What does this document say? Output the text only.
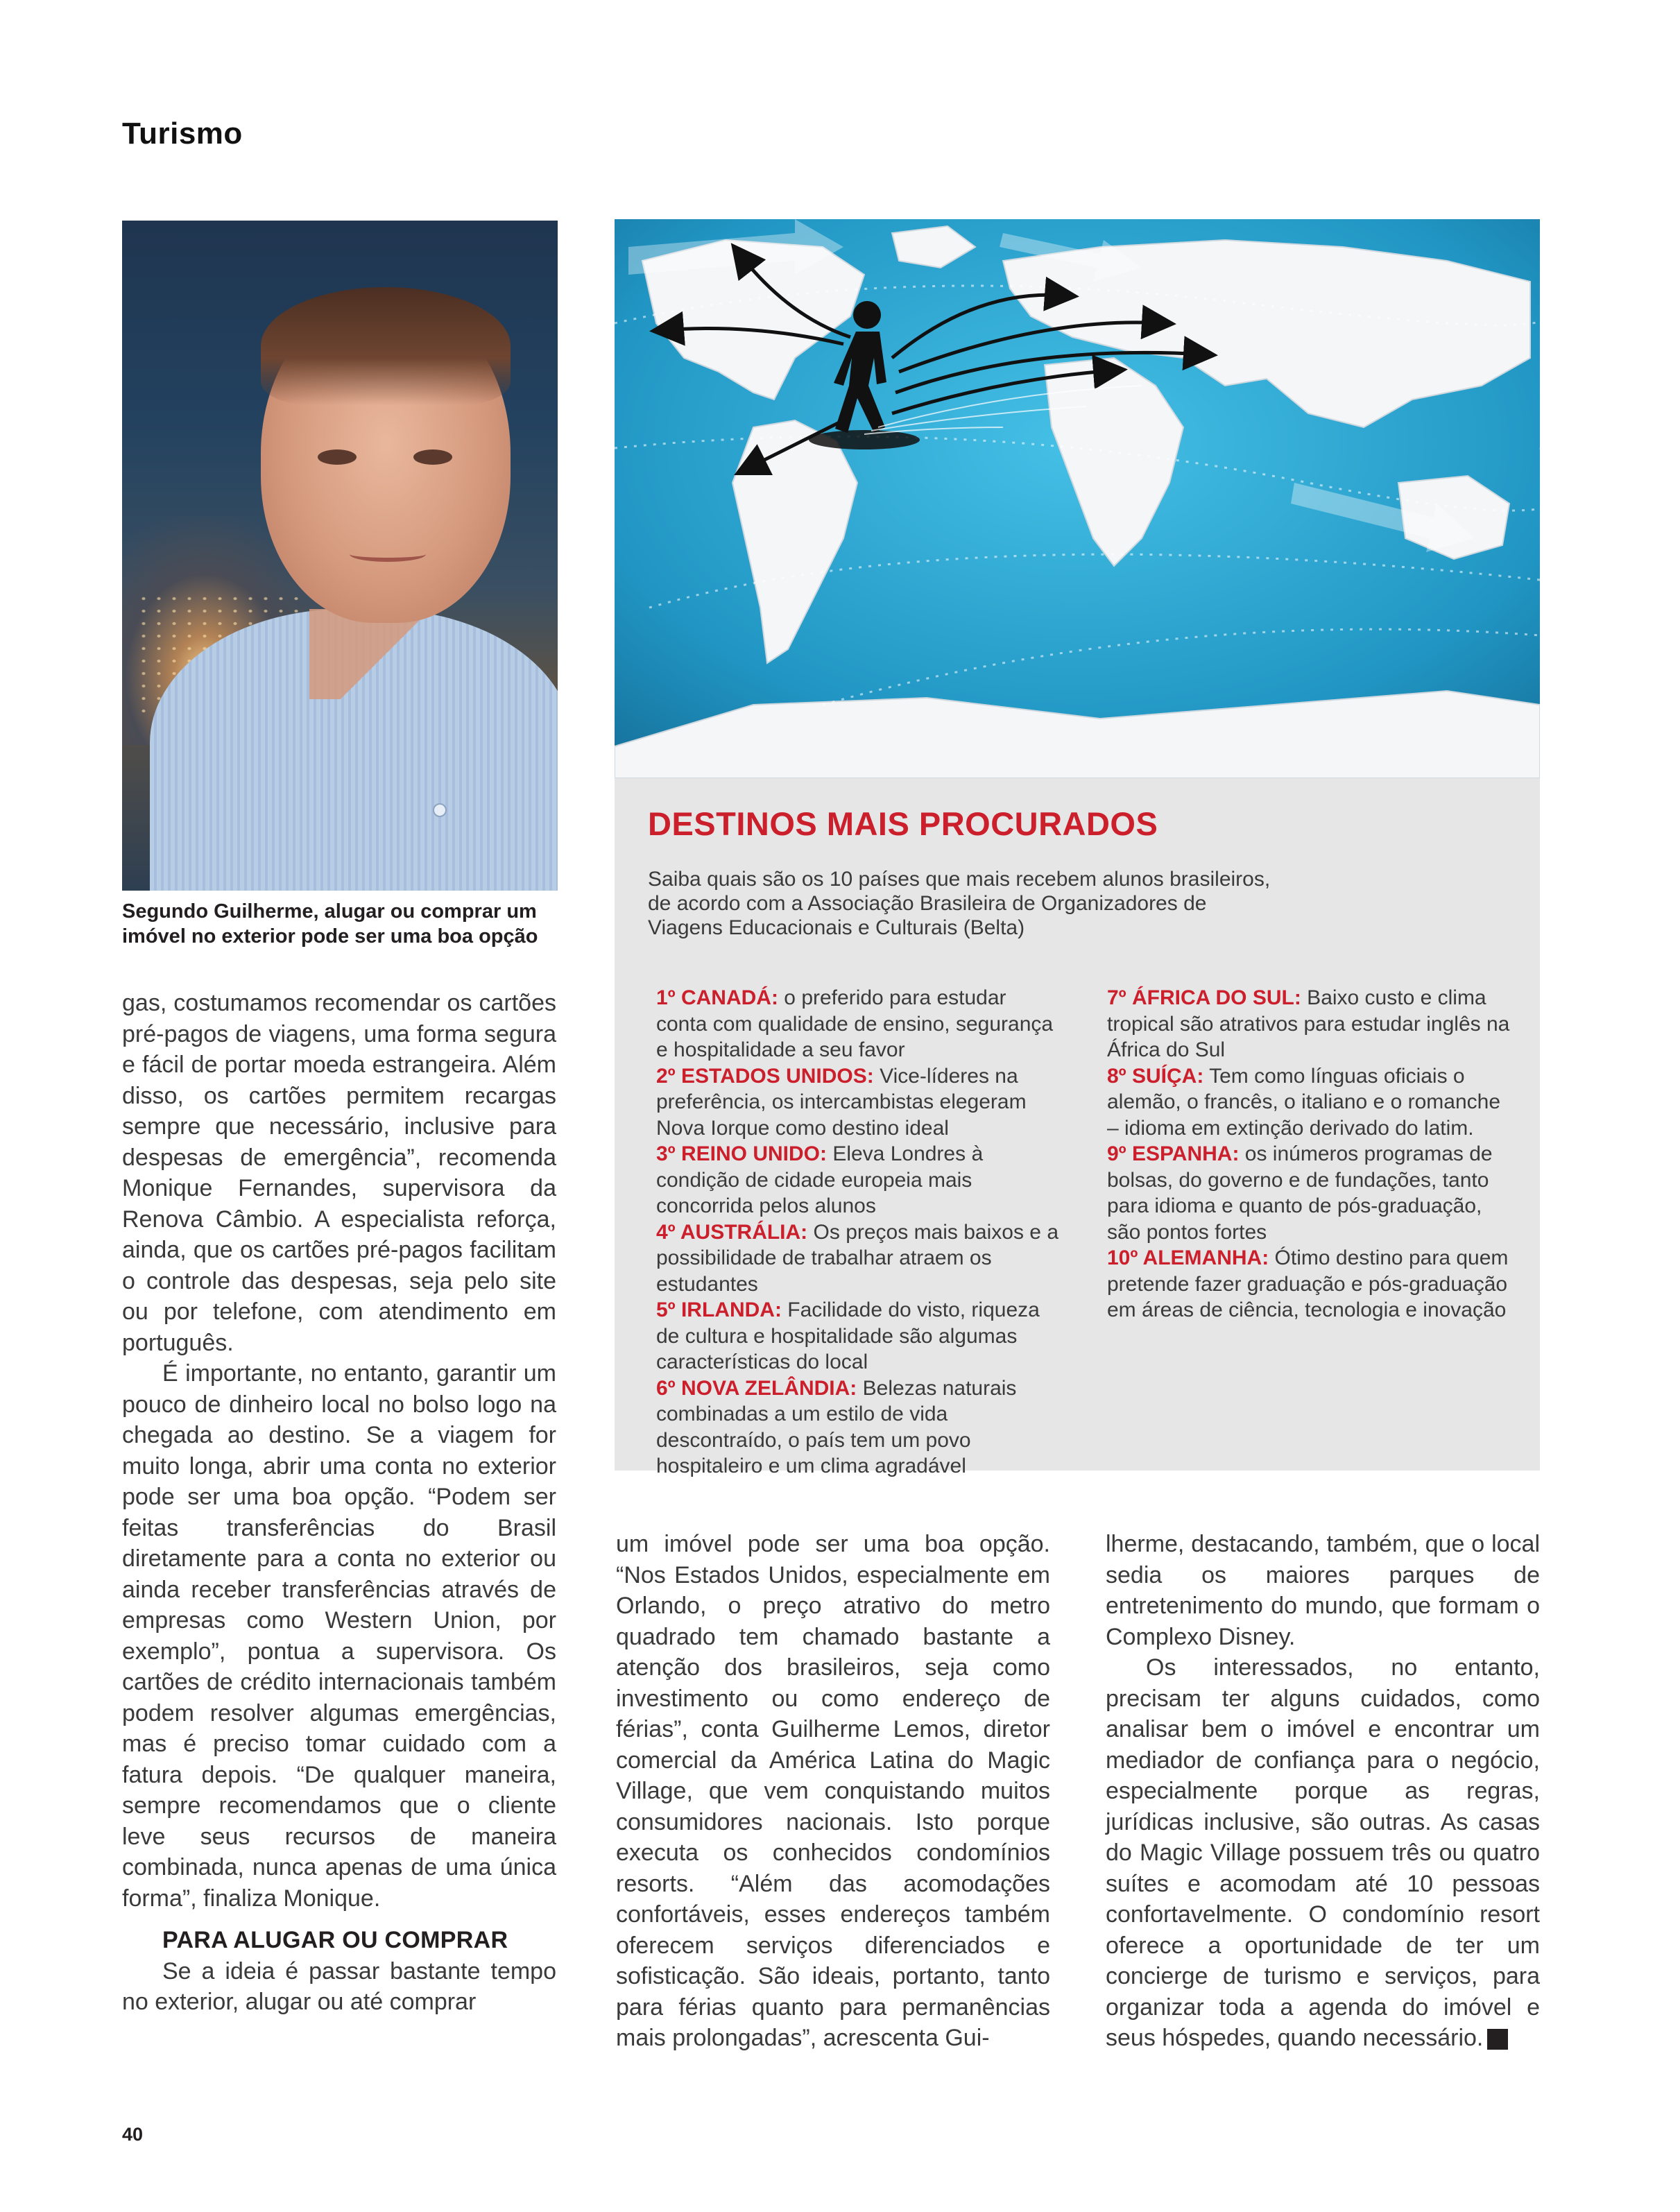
Turismo
Segundo Guilherme, alugar ou comprar um imóvel no exterior pode ser uma boa opção
DESTINOS MAIS PROCURADOS
Saiba quais são os 10 países que mais recebem alunos brasileiros, de acordo com a Associação Brasileira de Organizadores de Viagens Educacionais e Culturais (Belta)
1º CANADÁ: o preferido para estudar conta com qualidade de ensino, segurança e hospitalidade a seu favor
2º ESTADOS UNIDOS: Vice-líderes na preferência, os intercambistas elegeram Nova Iorque como destino ideal
3º REINO UNIDO: Eleva Londres à condição de cidade europeia mais concorrida pelos alunos
4º AUSTRÁLIA: Os preços mais baixos e a possibilidade de trabalhar atraem os estudantes
5º IRLANDA: Facilidade do visto, riqueza de cultura e hospitalidade são algumas características do local
6º NOVA ZELÂNDIA: Belezas naturais combinadas a um estilo de vida descontraído, o país tem um povo hospitaleiro e um clima agradável
7º ÁFRICA DO SUL: Baixo custo e clima tropical são atrativos para estudar inglês na África do Sul
8º SUÍÇA: Tem como línguas oficiais o alemão, o francês, o italiano e o romanche – idioma em extinção derivado do latim.
9º ESPANHA: os inúmeros programas de bolsas, do governo e de fundações, tanto para idioma e quanto de pós-graduação, são pontos fortes
10º ALEMANHA: Ótimo destino para quem pretende fazer graduação e pós-graduação em áreas de ciência, tecnologia e inovação

gas, costumamos recomendar os cartões pré-pagos de viagens, uma forma segura e fácil de portar moeda estrangeira. Além disso, os cartões permitem recargas sempre que necessário, inclusive para despesas de emergência”, recomenda Monique Fernandes, supervisora da Renova Câmbio. A especialista reforça, ainda, que os cartões pré-pagos facilitam o controle das despesas, seja pelo site ou por telefone, com atendimento em português.

É importante, no entanto, garantir um pouco de dinheiro local no bolso logo na chegada ao destino. Se a viagem for muito longa, abrir uma conta no exterior pode ser uma boa opção. “Podem ser feitas transferências do Brasil diretamente para a conta no exterior ou ainda receber transferências através de empresas como Western Union, por exemplo”, pontua a supervisora. Os cartões de crédito internacionais também podem resolver algumas emergências, mas é preciso tomar cuidado com a fatura depois. “De qualquer maneira, sempre recomendamos que o cliente leve seus recursos de maneira combinada, nunca apenas de uma única forma”, finaliza Monique.

PARA ALUGAR OU COMPRAR

Se a ideia é passar bastante tempo no exterior, alugar ou até comprar

um imóvel pode ser uma boa opção. “Nos Estados Unidos, especialmente em Orlando, o preço atrativo do metro quadrado tem chamado bastante a atenção dos brasileiros, seja como investimento ou como endereço de férias”, conta Guilherme Lemos, diretor comercial da América Latina do Magic Village, que vem conquistando muitos consumidores nacionais. Isto porque executa os conhecidos condomínios resorts. “Além das acomodações confortáveis, esses endereços também oferecem serviços diferenciados e sofisticação. São ideais, portanto, tanto para férias quanto para permanências mais prolongadas”, acrescenta Gui-

lherme, destacando, também, que o local sedia os maiores parques de entretenimento do mundo, que formam o Complexo Disney.

Os interessados, no entanto, precisam ter alguns cuidados, como analisar bem o imóvel e encontrar um mediador de confiança para o negócio, especialmente porque as regras, jurídicas inclusive, são outras. As casas do Magic Village possuem três ou quatro suítes e acomodam até 10 pessoas confortavelmente. O condomínio resort oferece a oportunidade de ter um concierge de turismo e serviços, para organizar toda a agenda do imóvel e seus hóspedes, quando necessário.	r

40
